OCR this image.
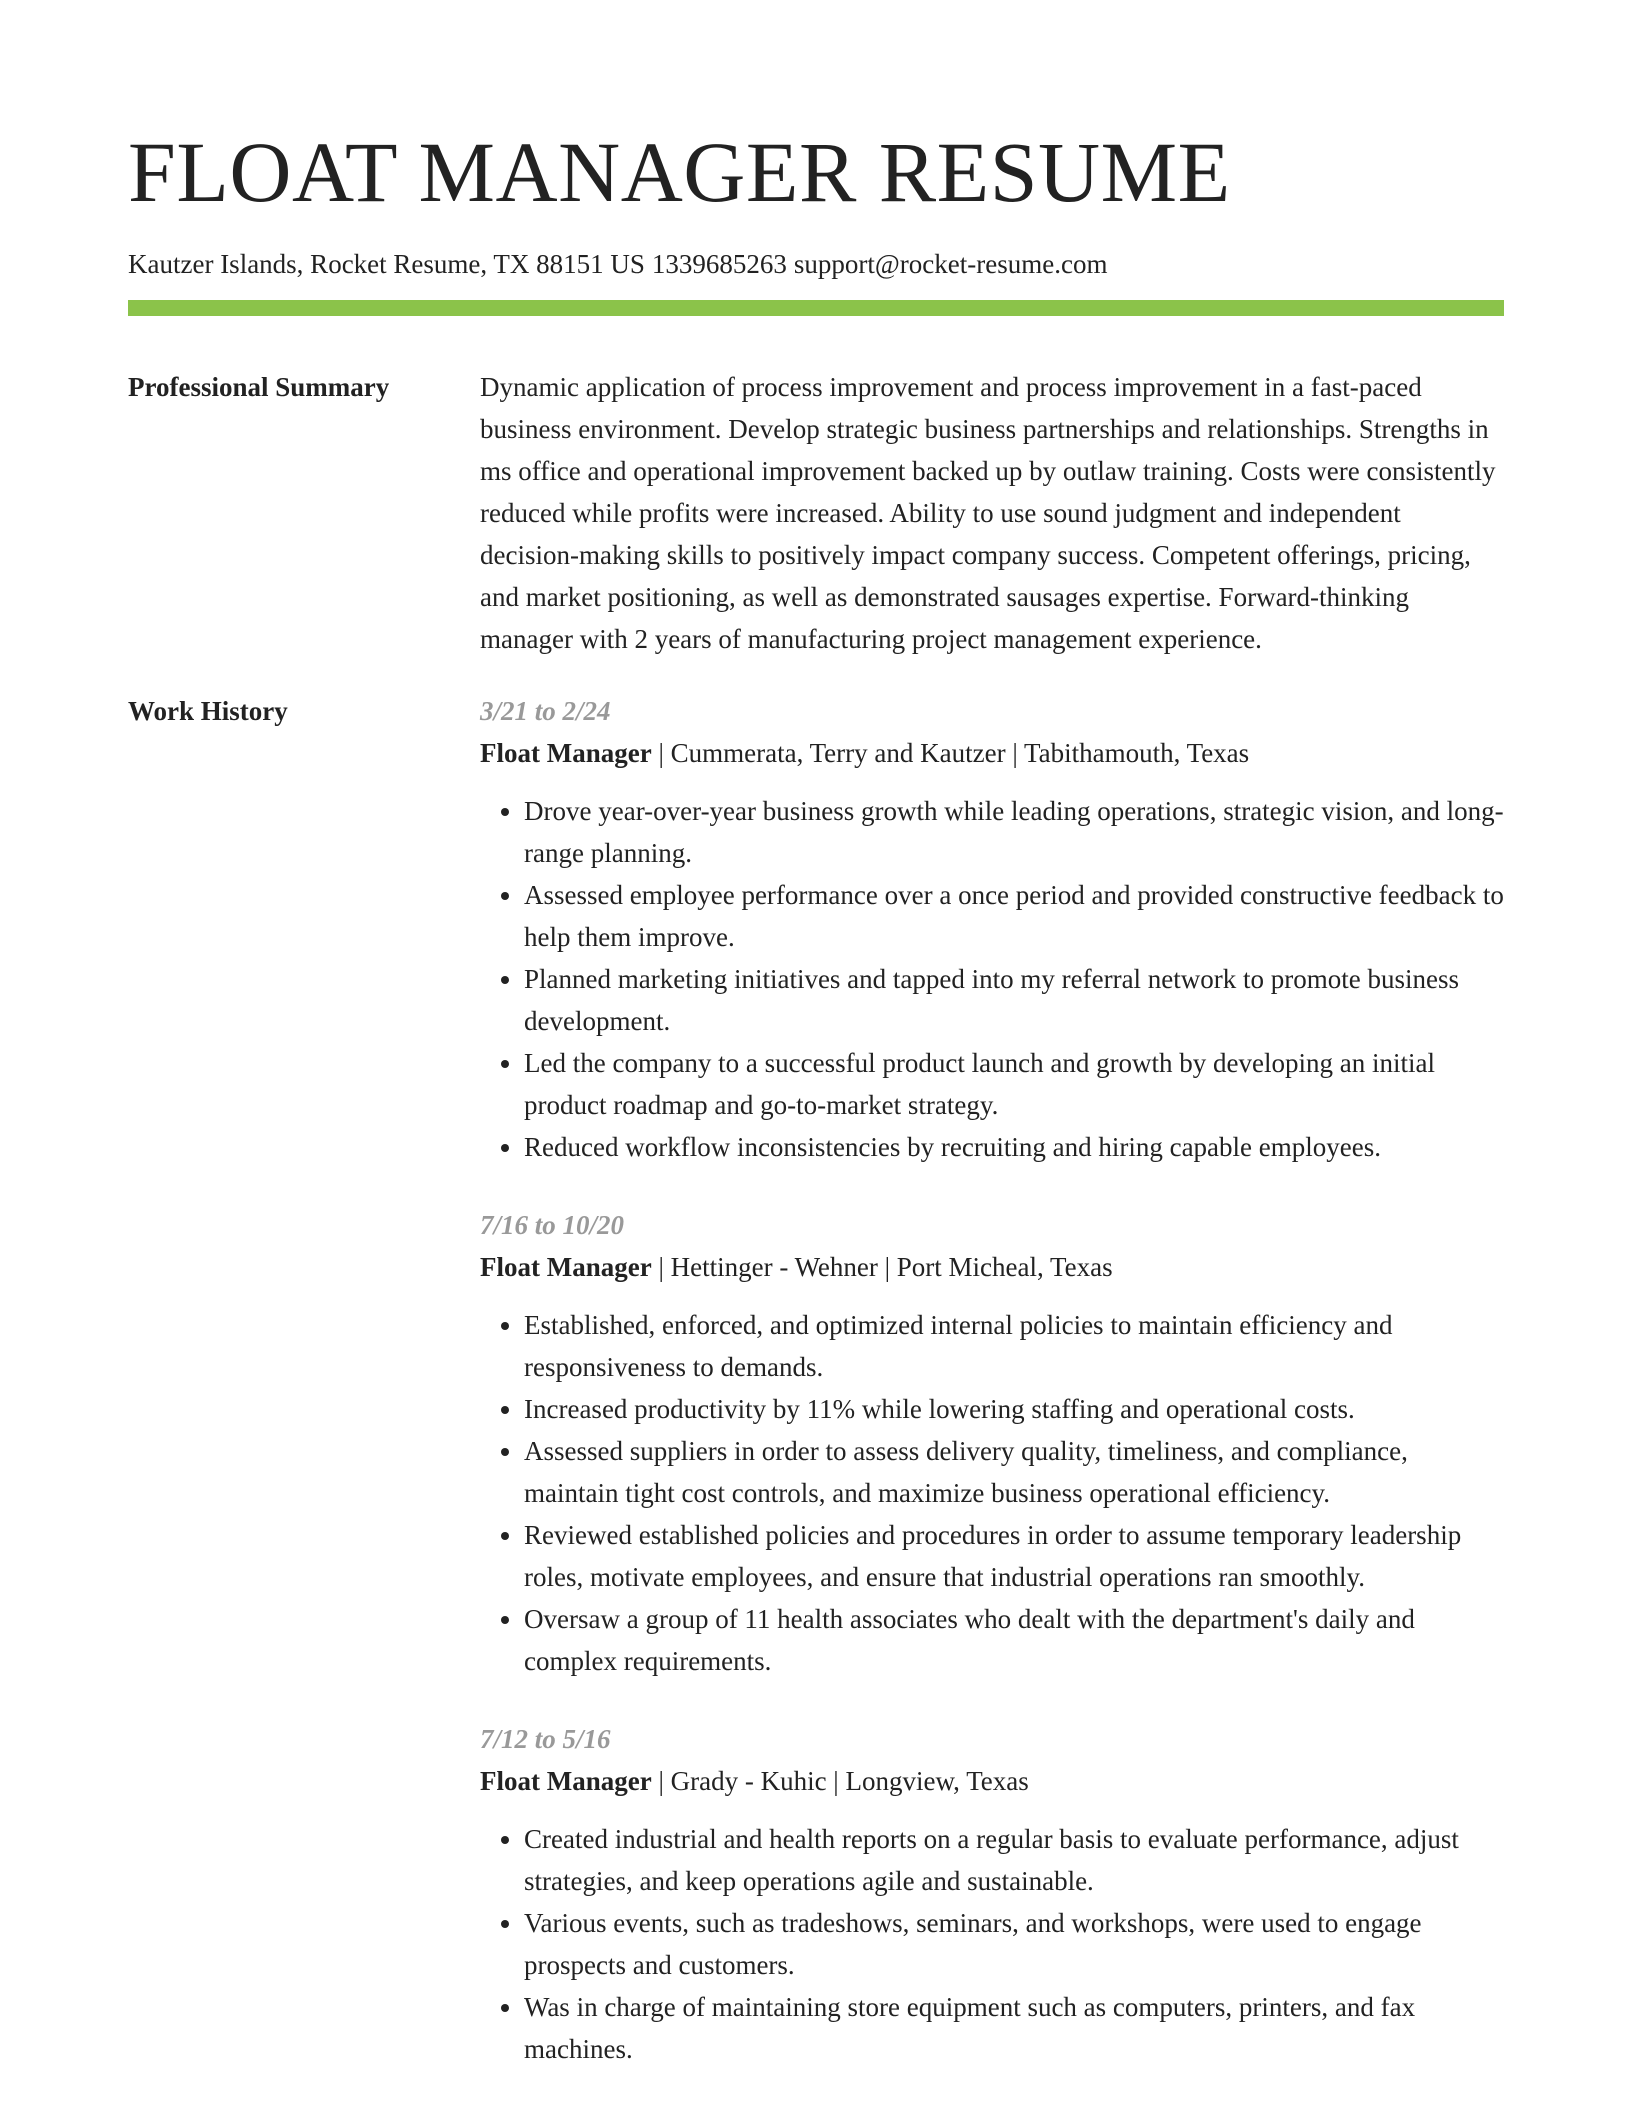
FLOAT MANAGER RESUME
Kautzer Islands, Rocket Resume, TX 88151 US 1339685263 support@rocket-resume.com
Professional Summary	Dynamic application of process improvement and process improvement in a fast-paced business environment. Develop strategic business partnerships and relationships. Strengths in ms office and operational improvement backed up by outlaw training. Costs were consistently reduced while profits were increased. Ability to use sound judgment and independent decision-making skills to positively impact company success. Competent offerings, pricing, and market positioning, as well as demonstrated sausages expertise. Forward-thinking manager with 2 years of manufacturing project management experience.

Work History	3/21 to 2/24
Float Manager | Cummerata, Terry and Kautzer | Tabithamouth, Texas
• Drove year-over-year business growth while leading operations, strategic vision, and long-range planning.
• Assessed employee performance over a once period and provided constructive feedback to help them improve.
• Planned marketing initiatives and tapped into my referral network to promote business development.
• Led the company to a successful product launch and growth by developing an initial product roadmap and go-to-market strategy.
• Reduced workflow inconsistencies by recruiting and hiring capable employees.
7/16 to 10/20
Float Manager | Hettinger - Wehner | Port Micheal, Texas
• Established, enforced, and optimized internal policies to maintain efficiency and responsiveness to demands.
• Increased productivity by 11% while lowering staffing and operational costs.
• Assessed suppliers in order to assess delivery quality, timeliness, and compliance, maintain tight cost controls, and maximize business operational efficiency.
• Reviewed established policies and procedures in order to assume temporary leadership roles, motivate employees, and ensure that industrial operations ran smoothly.
• Oversaw a group of 11 health associates who dealt with the department's daily and complex requirements.
7/12 to 5/16
Float Manager | Grady - Kuhic | Longview, Texas
• Created industrial and health reports on a regular basis to evaluate performance, adjust strategies, and keep operations agile and sustainable.
• Various events, such as tradeshows, seminars, and workshops, were used to engage prospects and customers.
• Was in charge of maintaining store equipment such as computers, printers, and fax machines.
